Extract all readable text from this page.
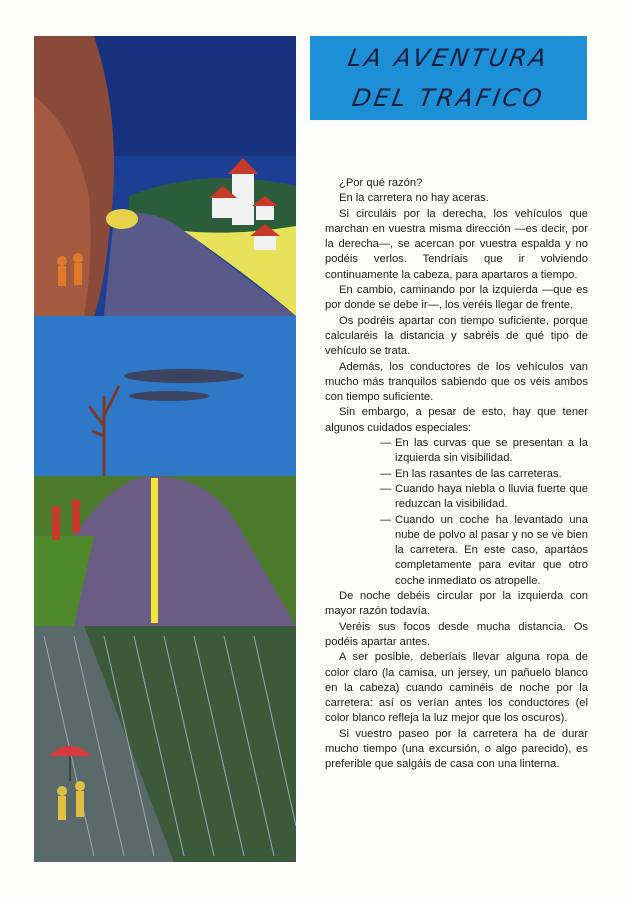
LA AVENTURA
DEL TRAFICO

¿Por qué razón?

En la carretera no hay aceras.

Si circuláis por la derecha, los vehículos que marchan en vuestra misma dirección —es decir, por la derecha—, se acercan por vuestra espalda y no podéis verlos. Tendríais que ir volviendo continuamente la cabeza, para apartaros a tiempo.

En cambio, caminando por la izquierda —que es por donde se debe ir—, los veréis llegar de frente.

Os podréis apartar con tiempo suficiente, porque calcularéis la distancia y sabréis de qué tipo de vehículo se trata.

Además, los conductores de los vehículos van mucho más tranquilos sabiendo que os véis ambos con tiempo suficiente.

Sin embargo, a pesar de esto, hay que tener algunos cuidados especiales:

— En las curvas que se presentan a la izquierda sin visibilidad.
— En las rasantes de las carreteras.
— Cuando haya niebla o lluvia fuerte que reduzcan la visibilidad.
— Cuando un coche ha levantado una nube de polvo al pasar y no se ve bien la carretera. En este caso, apartáos completamente para evitar que otro coche inmediato os atropelle.

De noche debéis circular por la izquierda con mayor razón todavía.

Veréis sus focos desde mucha distancia. Os podéis apartar antes.

A ser posible, deberíais llevar alguna ropa de color claro (la camisa, un jersey, un pañuelo blanco en la cabeza) cuando caminéis de noche por la carretera: así os verían antes los conductores (el color blanco refleja la luz mejor que los oscuros).

Si vuestro paseo por la carretera ha de durar mucho tiempo (una excursión, o algo parecido), es preferible que salgáis de casa con una linterna.
